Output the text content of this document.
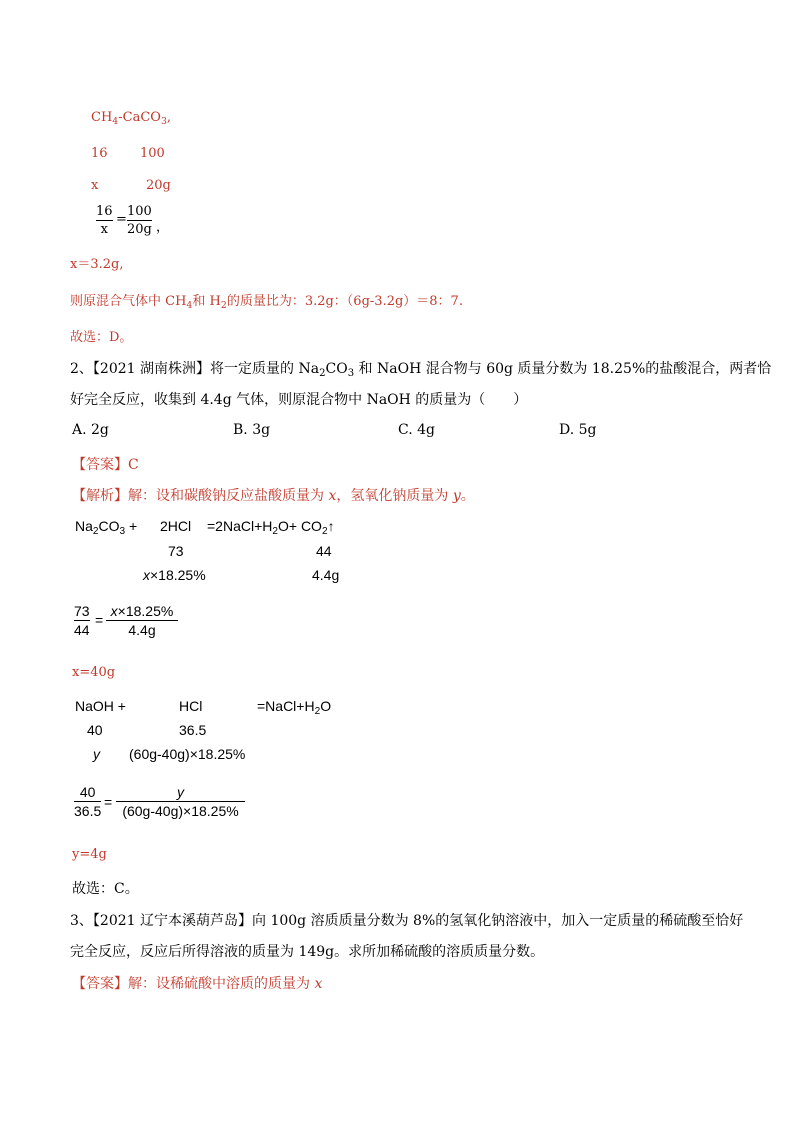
$CH_4-CaCO_3$,
16 100
x	20g
16
x
=
100
20g ，
x＝3.2g,
则原混合气体中 $CH_4$和 $H_2$的质量比为：3.2g：（6g-3.2g）＝8：7.
故选：D。
2、【2021 湖南株洲】将一定质量的 $Na_2CO_3$ 和 NaOH 混合物与 60g 质量分数为 18.25%的盐酸混合，两者恰
好完全反应，收集到 4.4g 气体，则原混合物中 NaOH 的质量为（　　）
A. 2g	B. 3g	C. 4g	D. 5g
【答案】C
【解析】解：设和碳酸钠反应盐酸质量为 x，氢氧化钠质量为 y。
$Na_2CO_3 + 2HCl$ $=2NaCl+H_2O+$ $CO_2↑$
73	44
x×18.25%	4.4g
73
44
=
x×18.25%
4.4g
x=40g
NaOH +	HCl	$=NaCl+H_2O$
40	36.5
y (60g-40g)×18.25%
40
36.5
=
y
(60g-40g)×18.25%
y=4g
故选：C。
3、【2021 辽宁本溪葫芦岛】向 100g 溶质质量分数为 8%的氢氧化钠溶液中，加入一定质量的稀硫酸至恰好
完全反应，反应后所得溶液的质量为 149g。求所加稀硫酸的溶质质量分数。
【答案】解：设稀硫酸中溶质的质量为 x
